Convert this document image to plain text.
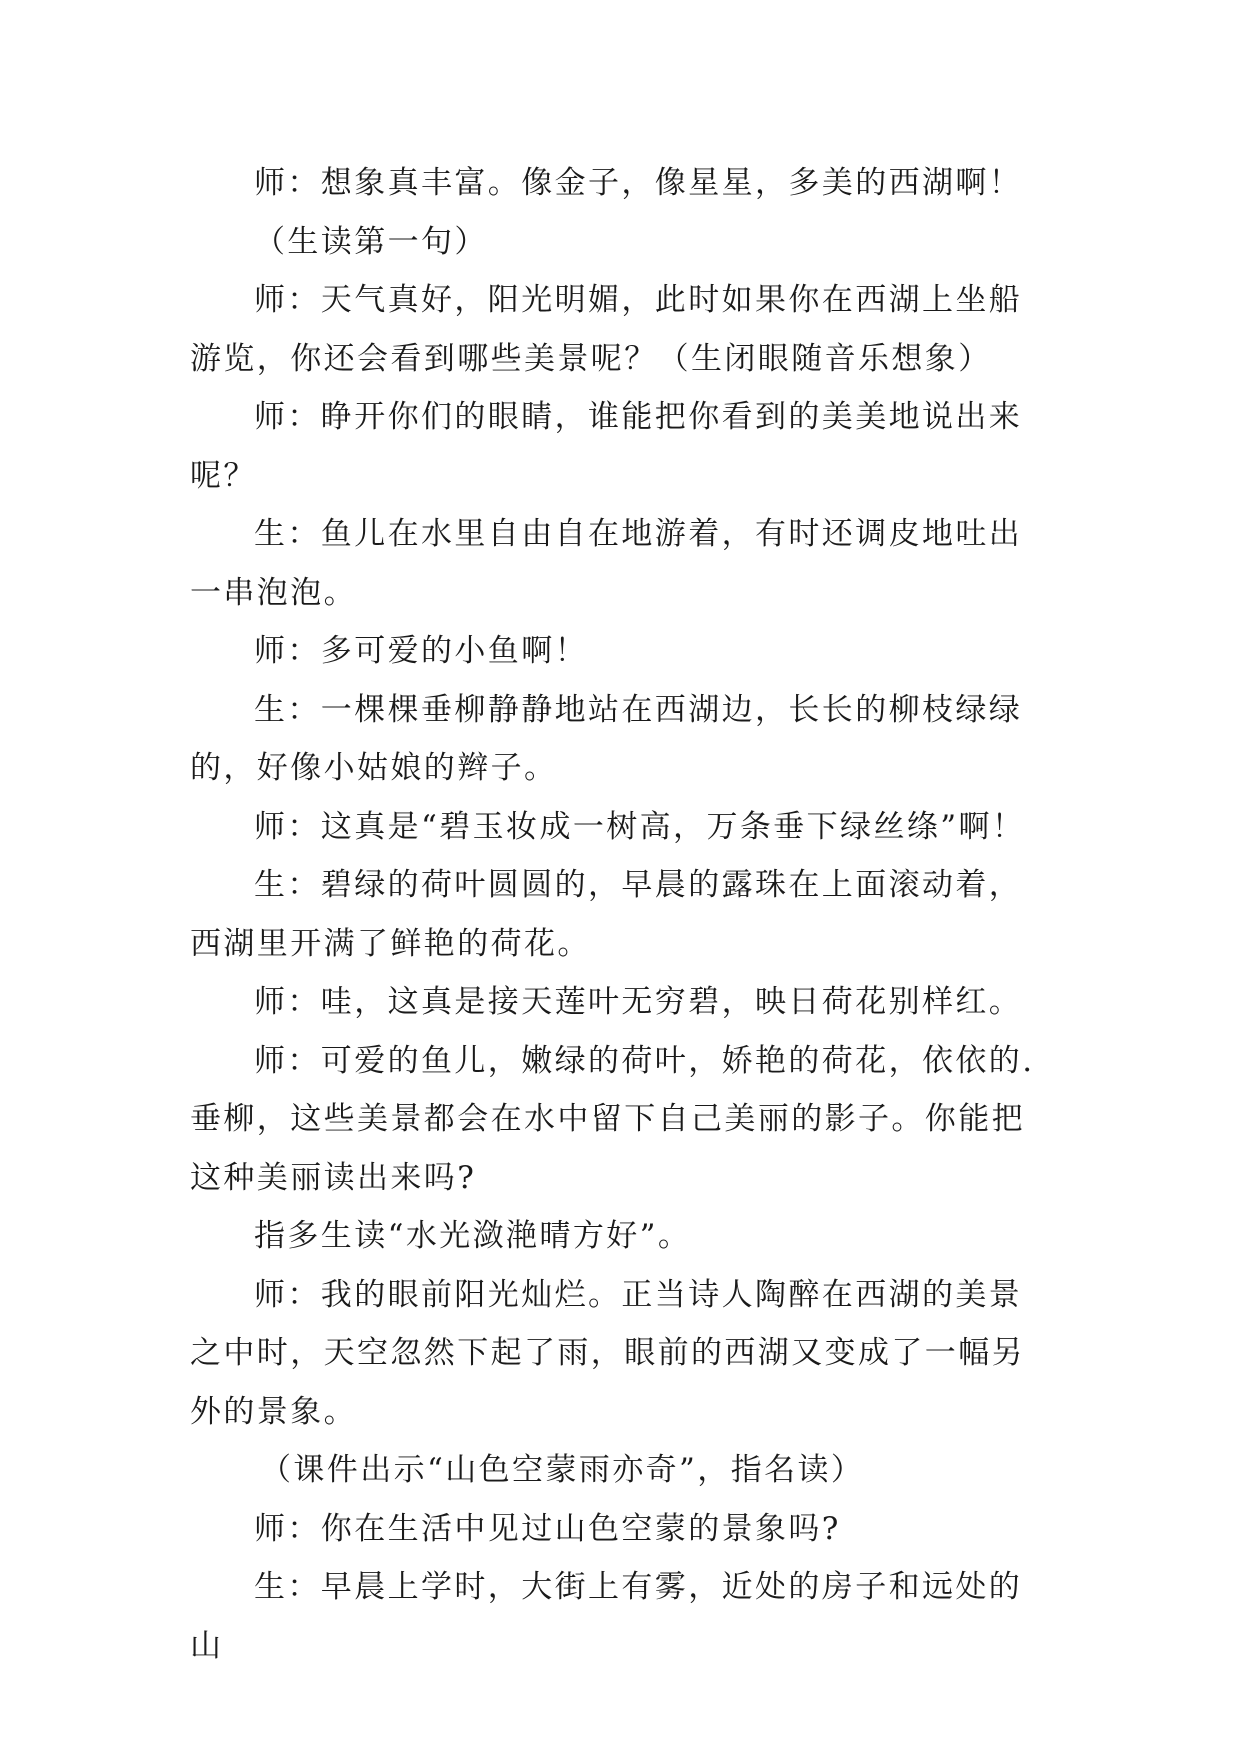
师：想象真丰富。像金子，像星星，多美的西湖啊！

（生读第一句）

师：天气真好，阳光明媚，此时如果你在西湖上坐船游览，你还会看到哪些美景呢？（生闭眼随音乐想象）

师：睁开你们的眼睛，谁能把你看到的美美地说出来呢？

生：鱼儿在水里自由自在地游着，有时还调皮地吐出一串泡泡。

师：多可爱的小鱼啊！

生：一棵棵垂柳静静地站在西湖边，长长的柳枝绿绿的，好像小姑娘的辫子。

师：这真是“碧玉妆成一树高，万条垂下绿丝绦”啊！

生：碧绿的荷叶圆圆的，早晨的露珠在上面滚动着，西湖里开满了鲜艳的荷花。

师：哇，这真是接天莲叶无穷碧，映日荷花别样红。

师：可爱的鱼儿，嫩绿的荷叶，娇艳的荷花，依依的.垂柳，这些美景都会在水中留下自己美丽的影子。你能把这种美丽读出来吗?

指多生读“水光潋滟晴方好”。

师：我的眼前阳光灿烂。正当诗人陶醉在西湖的美景之中时，天空忽然下起了雨，眼前的西湖又变成了一幅另外的景象。

（课件出示“山色空蒙雨亦奇”，指名读）

师：你在生活中见过山色空蒙的景象吗?

生：早晨上学时，大街上有雾，近处的房子和远处的山
